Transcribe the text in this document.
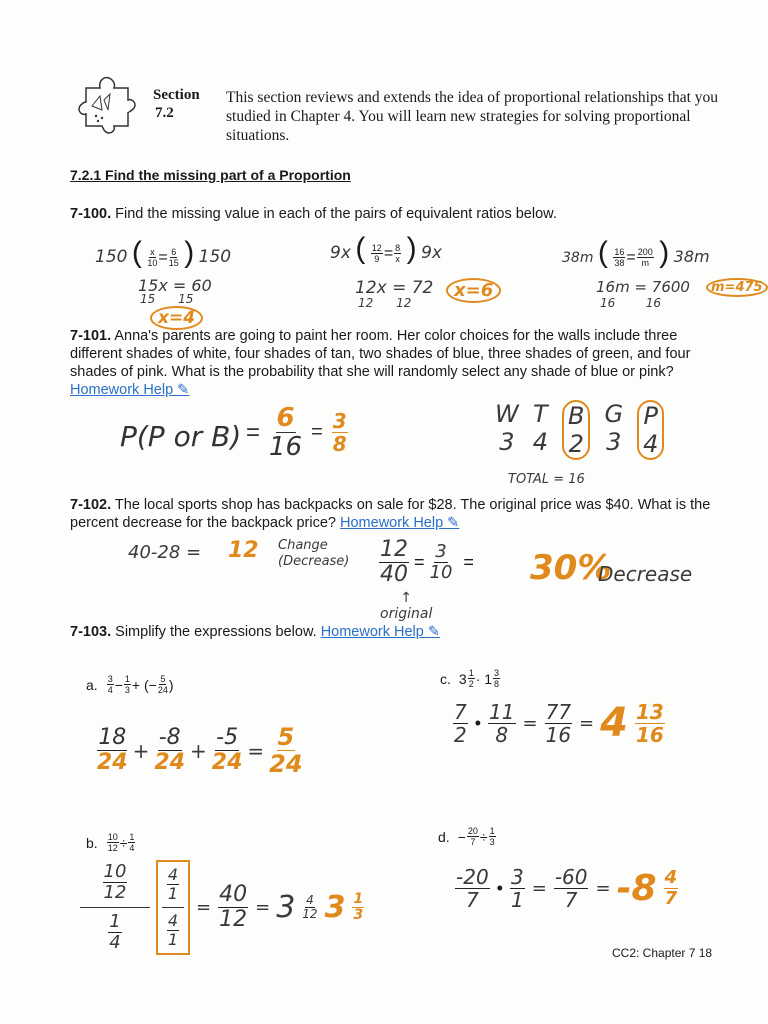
Section
7.2
This section reviews and extends the idea of proportional relationships that you studied in Chapter 4. You will learn new strategies for solving proportional situations.
7.2.1 Find the missing part of a Proportion
7-100. Find the missing value in each of the pairs of equivalent ratios below.
150 ( $\frac{x}{10} = \frac{6}{15}$ ) 150
15x = 60
15      15
x=4
9x ( $\frac{12}{9} = \frac{8}{x}$ ) 9x
12x = 72
12      12
x=6
38m ( $\frac{16}{38} = \frac{200}{m}$ ) 38m
16m = 7600
16        16
m=475
7-101. Anna's parents are going to paint her room. Her color choices for the walls include three different shades of white, four shades of tan, two shades of blue, three shades of green, and four shades of pink. What is the probability that she will randomly select any shade of blue or pink? Homework Help ✎
P(P or $B) = \frac{6}{16} = \frac{3}{8}$	W
3
T
4
B
2
G
3
P
4
TOTAL = 16
7-102. The local sports shop has backpacks on sale for $28. The original price was $40. What is the percent decrease for the backpack price? Homework Help ✎
40-28 = 12 Change
(Decrease) $\frac{12}{40} = \frac{3}{10} = 30\%$
Decrease
↑
original
7-103. Simplify the expressions below. Homework Help ✎
a. $\frac{3}{4} - \frac{1}{3}$ + (− $\frac{5}{24}$ )
$\frac{18}{24} + \frac{-8}{24} + \frac{-5}{24} = \frac{5}{24}$
c. $3 \frac{1}{2} \cdot 1 \frac{3}{8}$
$\frac{7}{2}$ • $\frac{11}{8} = \frac{77}{16} = 4 \frac{13}{16}$
b. $\frac{10}{12} \div \frac{1}{4}$
$\frac{10}{12}$
$\frac{1}{4}$
$\frac{4}{1}$
$\frac{4}{1}$
= $\frac{40}{12} = 3 \frac{4}{12} 3 \frac{1}{3}$
d. − $\frac{20}{7} \div \frac{1}{3}$
$\frac{-20}{7}$ • $\frac{3}{1} = \frac{-60}{7} = -8 \frac{4}{7}$
CC2: Chapter 7 18
